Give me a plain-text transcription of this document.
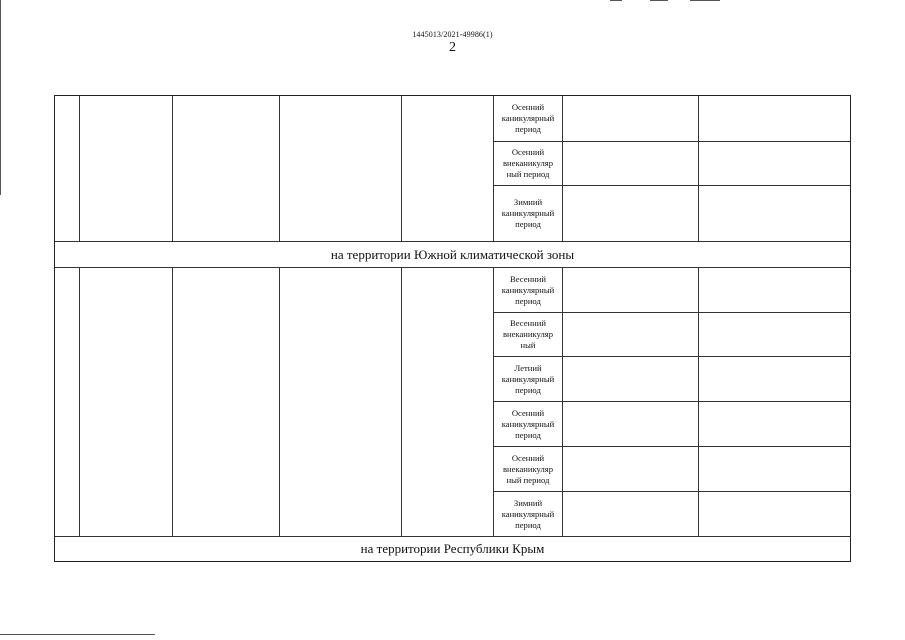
1445013/2021-49986(1)
2
Осенний
каникулярный
период
Осенний
внеканикуляр
ный период
Зимний
каникулярный
период
на территории Южной климатической зоны
Весенний
каникулярный
период
Весенний
внеканикуляр
ный
Летний
каникулярный
период
Осенний
каникулярный
период
Осенний
внеканикуляр
ный период
Зимний
каникулярный
период
на территории Республики Крым
